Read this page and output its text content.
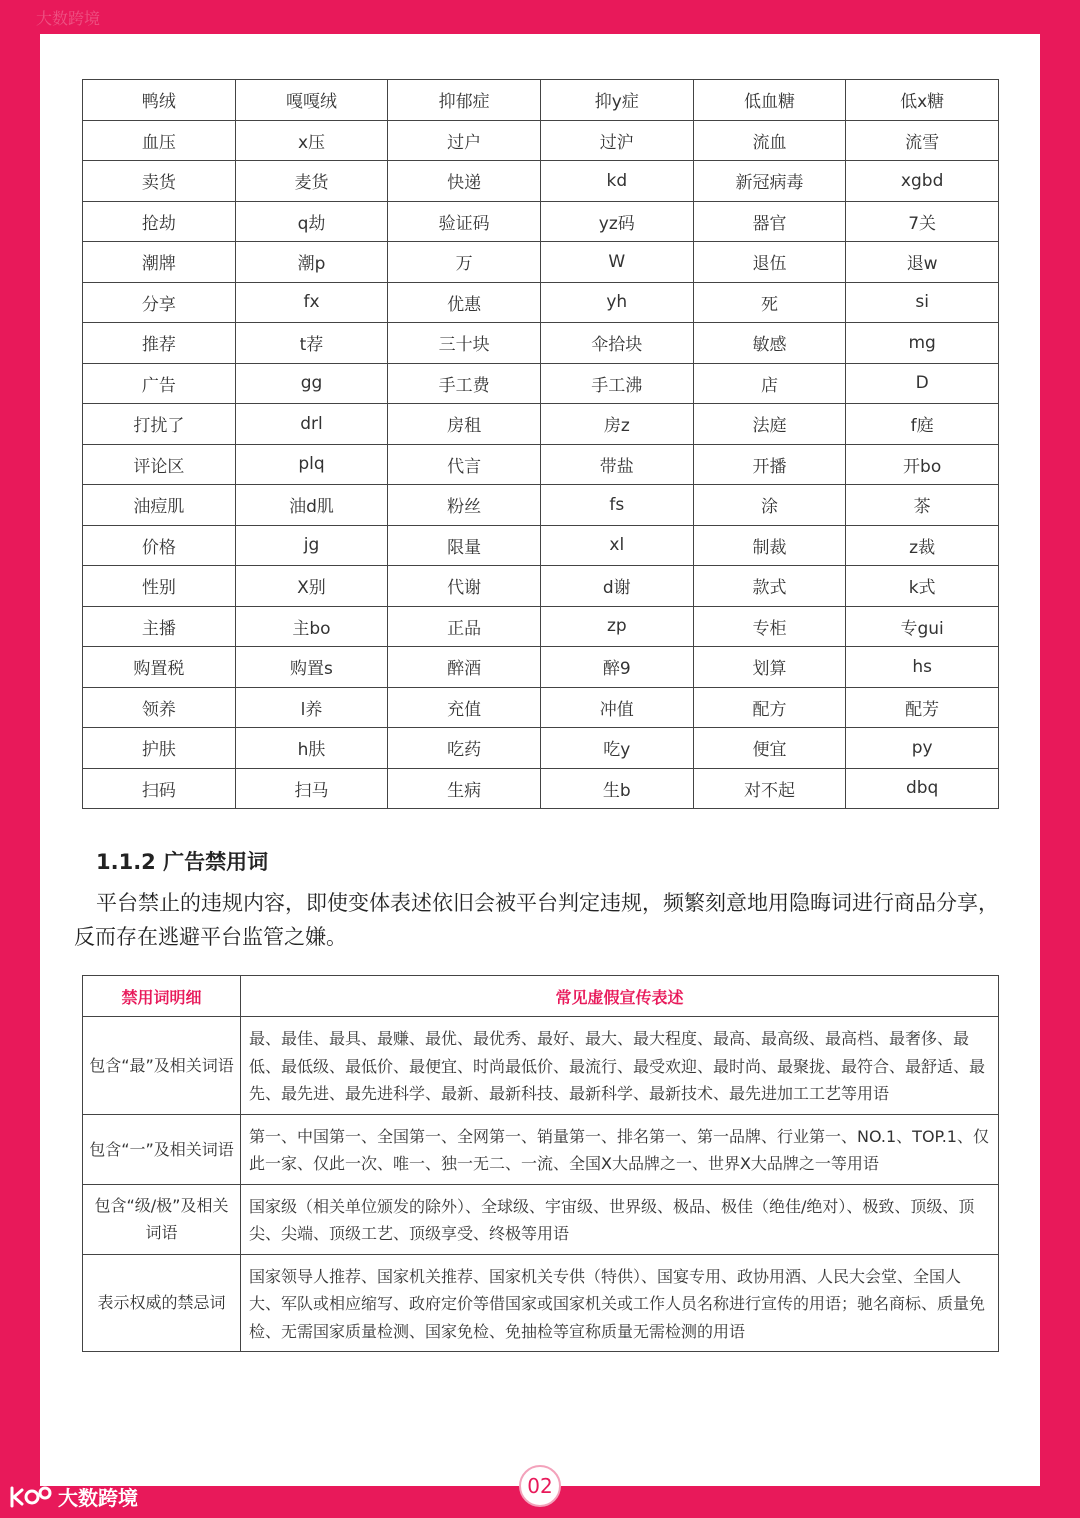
大数跨境
鸭绒	嘎嘎绒	抑郁症	抑y症	低血糖	低x糖
血压	x压	过户	过沪	流血	流雪
卖货	麦货	快递	kd	新冠病毒	xgbd
抢劫	q劫	验证码	yz码	器官	7关
潮牌	潮p	万	W	退伍	退w
分享	fx	优惠	yh	死	si
推荐	t荐	三十块	伞拾块	敏感	mg
广告	gg	手工费	手工沸	店	D
打扰了	drl	房租	房z	法庭	f庭
评论区	plq	代言	带盐	开播	开bo
油痘肌	油d肌	粉丝	fs	涂	茶
价格	jg	限量	xl	制裁	z裁
性别	X别	代谢	d谢	款式	k式
主播	主bo	正品	zp	专柜	专gui
购置税	购置s	醉酒	醉9	划算	hs
领养	l养	充值	冲值	配方	配芳
护肤	h肤	吃药	吃y	便宜	py
扫码	扫马	生病	生b	对不起	dbq
1.1.2 广告禁用词
平台禁止的违规内容，即使变体表述依旧会被平台判定违规，频繁刻意地用隐晦词进行商品分享，反而存在逃避平台监管之嫌。
禁用词明细	常见虚假宣传表述
包含“最”及相关词语	最、最佳、最具、最赚、最优、最优秀、最好、最大、最大程度、最高、最高级、最高档、最奢侈、最低、最低级、最低价、最便宜、时尚最低价、最流行、最受欢迎、最时尚、最聚拢、最符合、最舒适、最先、最先进、最先进科学、最新、最新科技、最新科学、最新技术、最先进加工工艺等用语
包含“一”及相关词语	第一、中国第一、全国第一、全网第一、销量第一、排名第一、第一品牌、行业第一、NO.1、TOP.1、仅此一家、仅此一次、唯一、独一无二、一流、全国X大品牌之一、世界X大品牌之一等用语
包含“级/极”及相关词语	国家级（相关单位颁发的除外）、全球级、宇宙级、世界级、极品、极佳（绝佳/绝对）、极致、顶级、顶尖、尖端、顶级工艺、顶级享受、终极等用语
表示权威的禁忌词	国家领导人推荐、国家机关推荐、国家机关专供（特供）、国宴专用、政协用酒、人民大会堂、全国人大、军队或相应缩写、政府定价等借国家或国家机关或工作人员名称进行宣传的用语；驰名商标、质量免检、无需国家质量检测、国家免检、免抽检等宣称质量无需检测的用语
02
大数跨境
